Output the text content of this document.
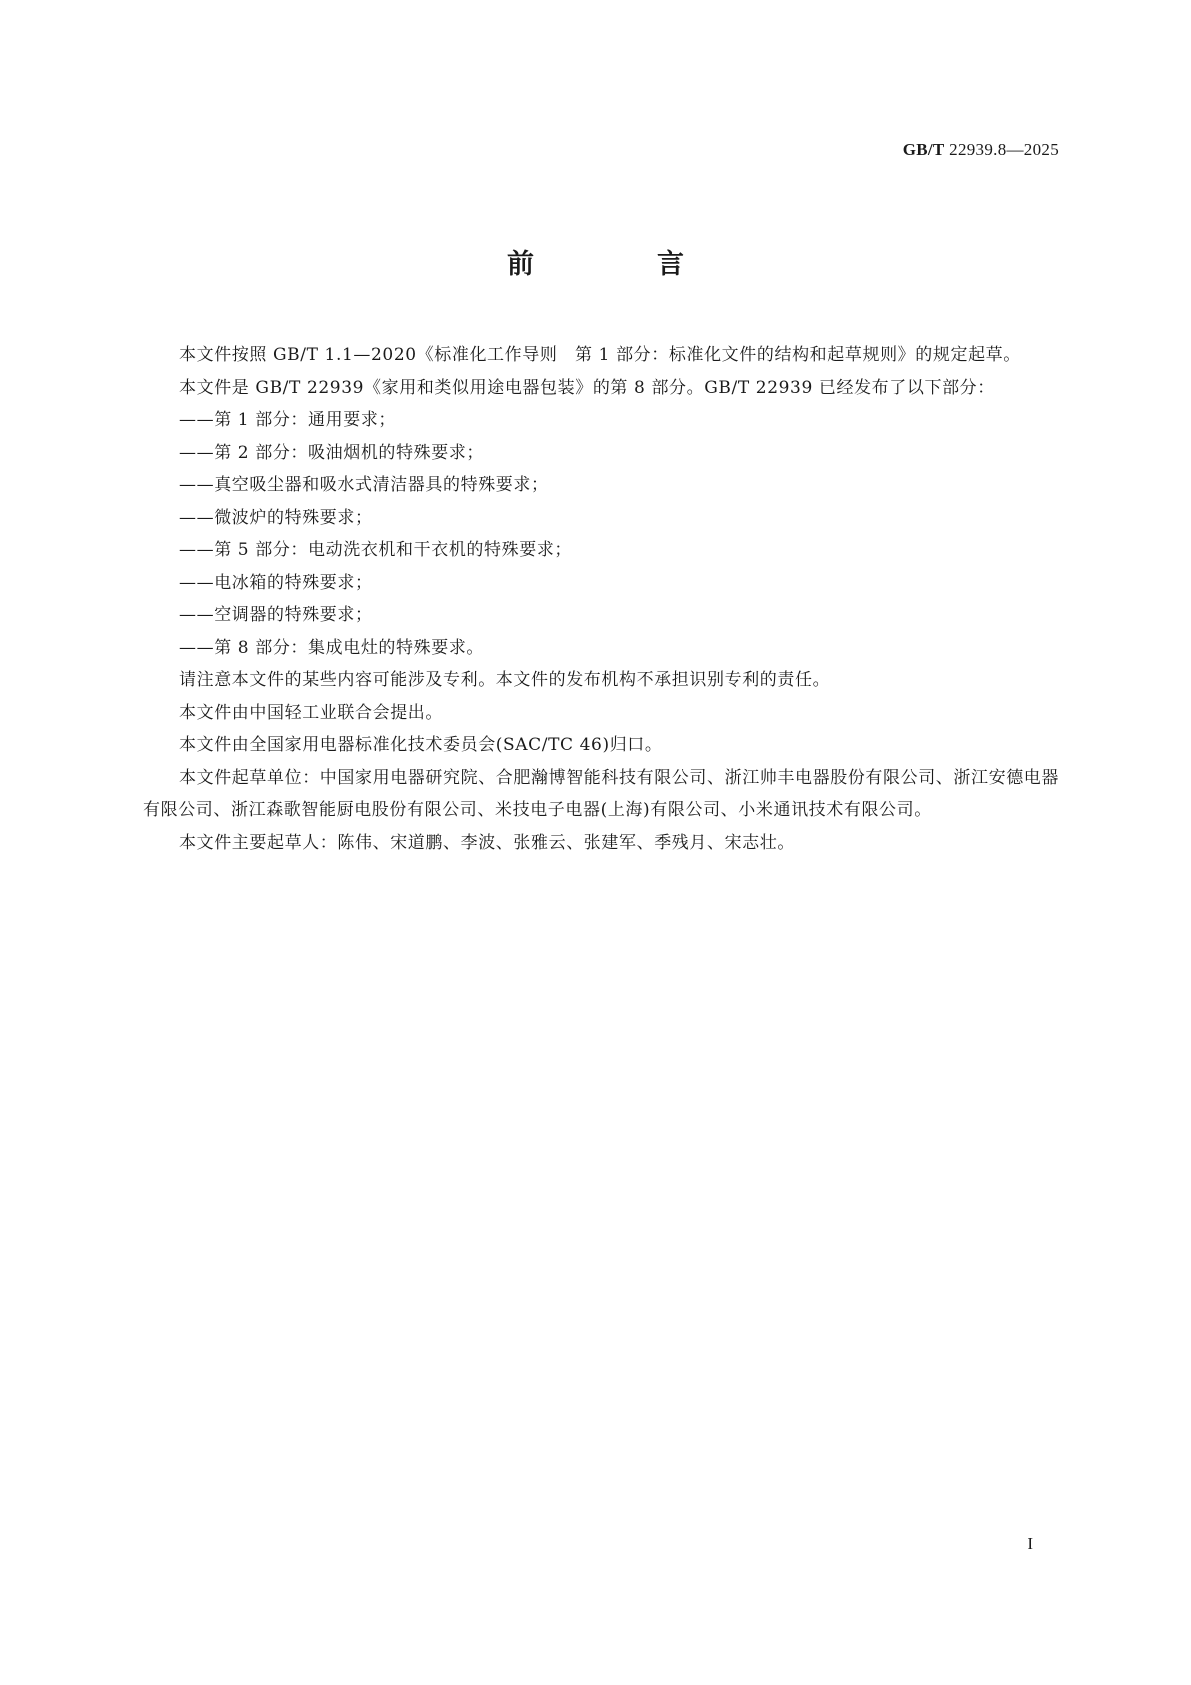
GB/T 22939.8—2025
前　言

本文件按照 GB/T 1.1—2020《标准化工作导则　第 1 部分：标准化文件的结构和起草规则》的规定起草。

本文件是 GB/T 22939《家用和类似用途电器包装》的第 8 部分。GB/T 22939 已经发布了以下部分：

——第 1 部分：通用要求；
——第 2 部分：吸油烟机的特殊要求；
——真空吸尘器和吸水式清洁器具的特殊要求；
——微波炉的特殊要求；
——第 5 部分：电动洗衣机和干衣机的特殊要求；
——电冰箱的特殊要求；
——空调器的特殊要求；
——第 8 部分：集成电灶的特殊要求。

请注意本文件的某些内容可能涉及专利。本文件的发布机构不承担识别专利的责任。

本文件由中国轻工业联合会提出。

本文件由全国家用电器标准化技术委员会(SAC/TC 46)归口。

本文件起草单位：中国家用电器研究院、合肥瀚博智能科技有限公司、浙江帅丰电器股份有限公司、浙江安德电器有限公司、浙江森歌智能厨电股份有限公司、米技电子电器(上海)有限公司、小米通讯技术有限公司。

本文件主要起草人：陈伟、宋道鹏、李波、张雅云、张建军、季残月、宋志壮。

I
